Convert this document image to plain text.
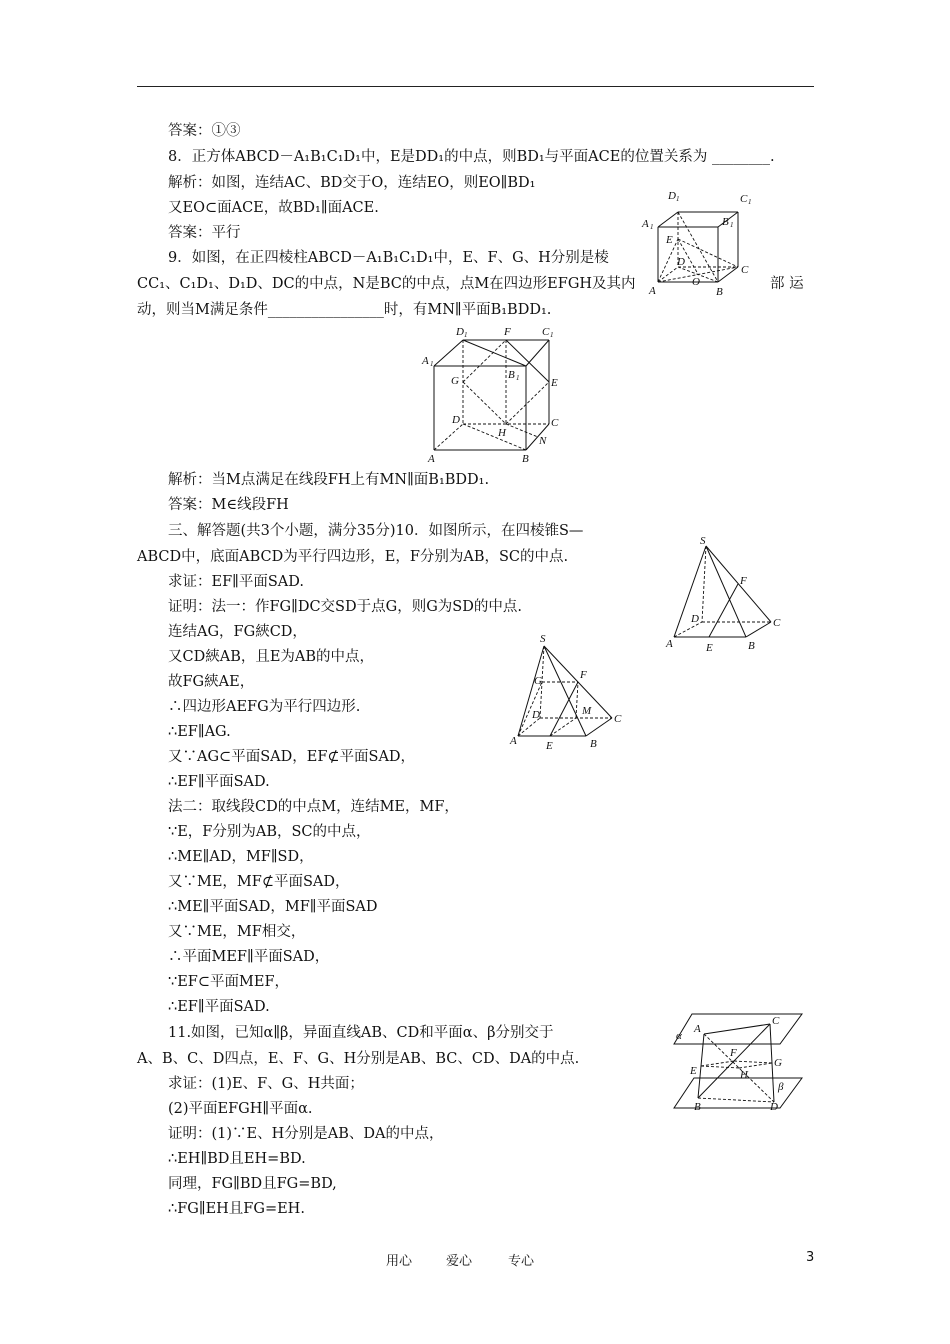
答案：①③
8．正方体ABCD－A₁B₁C₁D₁中，E是DD₁的中点，则BD₁与平面ACE的位置关系为 ________.
解析：如图，连结AC、BD交于O，连结EO，则EO∥BD₁
又EO⊂面ACE，故BD₁∥面ACE.
答案：平行
9．如图，在正四棱柱ABCD－A₁B₁C₁D₁中，E、F、G、H分别是棱
CC₁、C₁D₁、D₁D、DC的中点，N是BC的中点，点M在四边形EFGH及其内	部 运
动，则当M满足条件________________时，有MN∥平面B₁BDD₁.
解析：当M点满足在线段FH上有MN∥面B₁BDD₁.
答案：M∈线段FH
三、解答题(共3个小题，满分35分)10．如图所示，在四棱锥S—
ABCD中，底面ABCD为平行四边形，E，F分别为AB，SC的中点.
求证：EF∥平面SAD.
证明：法一：作FG∥DC交SD于点G，则G为SD的中点.
连结AG，FG綊CD，
又CD綊AB，且E为AB的中点，
故FG綊AE，
∴四边形AEFG为平行四边形.
∴EF∥AG.
又∵AG⊂平面SAD，EF⊄平面SAD，
∴EF∥平面SAD.
法二：取线段CD的中点M，连结ME，MF，
∵E，F分别为AB，SC的中点，
∴ME∥AD，MF∥SD，
又∵ME，MF⊄平面SAD，
∴ME∥平面SAD，MF∥平面SAD
又∵ME，MF相交，
∴平面MEF∥平面SAD，
∵EF⊂平面MEF，
∴EF∥平面SAD.
11.如图，已知α∥β，异面直线AB、CD和平面α、β分别交于
A、B、C、D四点，E、F、G、H分别是AB、BC、CD、DA的中点.
求证：(1)E、F、G、H共面；
(2)平面EFGH∥平面α.
证明：(1)∵E、H分别是AB、DA的中点，
∴EH∥BD且EH=BD.
同理，FG∥BD且FG=BD,
∴FG∥EH且FG=EH.
D 1	C 1
A 1	B 1
E
D
C
A
O
B
D 1	F	C 1
A 1
B 1
G	E
D	C
H
N
A	B
S
F
D	C
A	E	B
S
G	F
D	M
C
A	E	B
α
A
C
F
G
E	H
β
B	D
用心	爱心	专心	3
